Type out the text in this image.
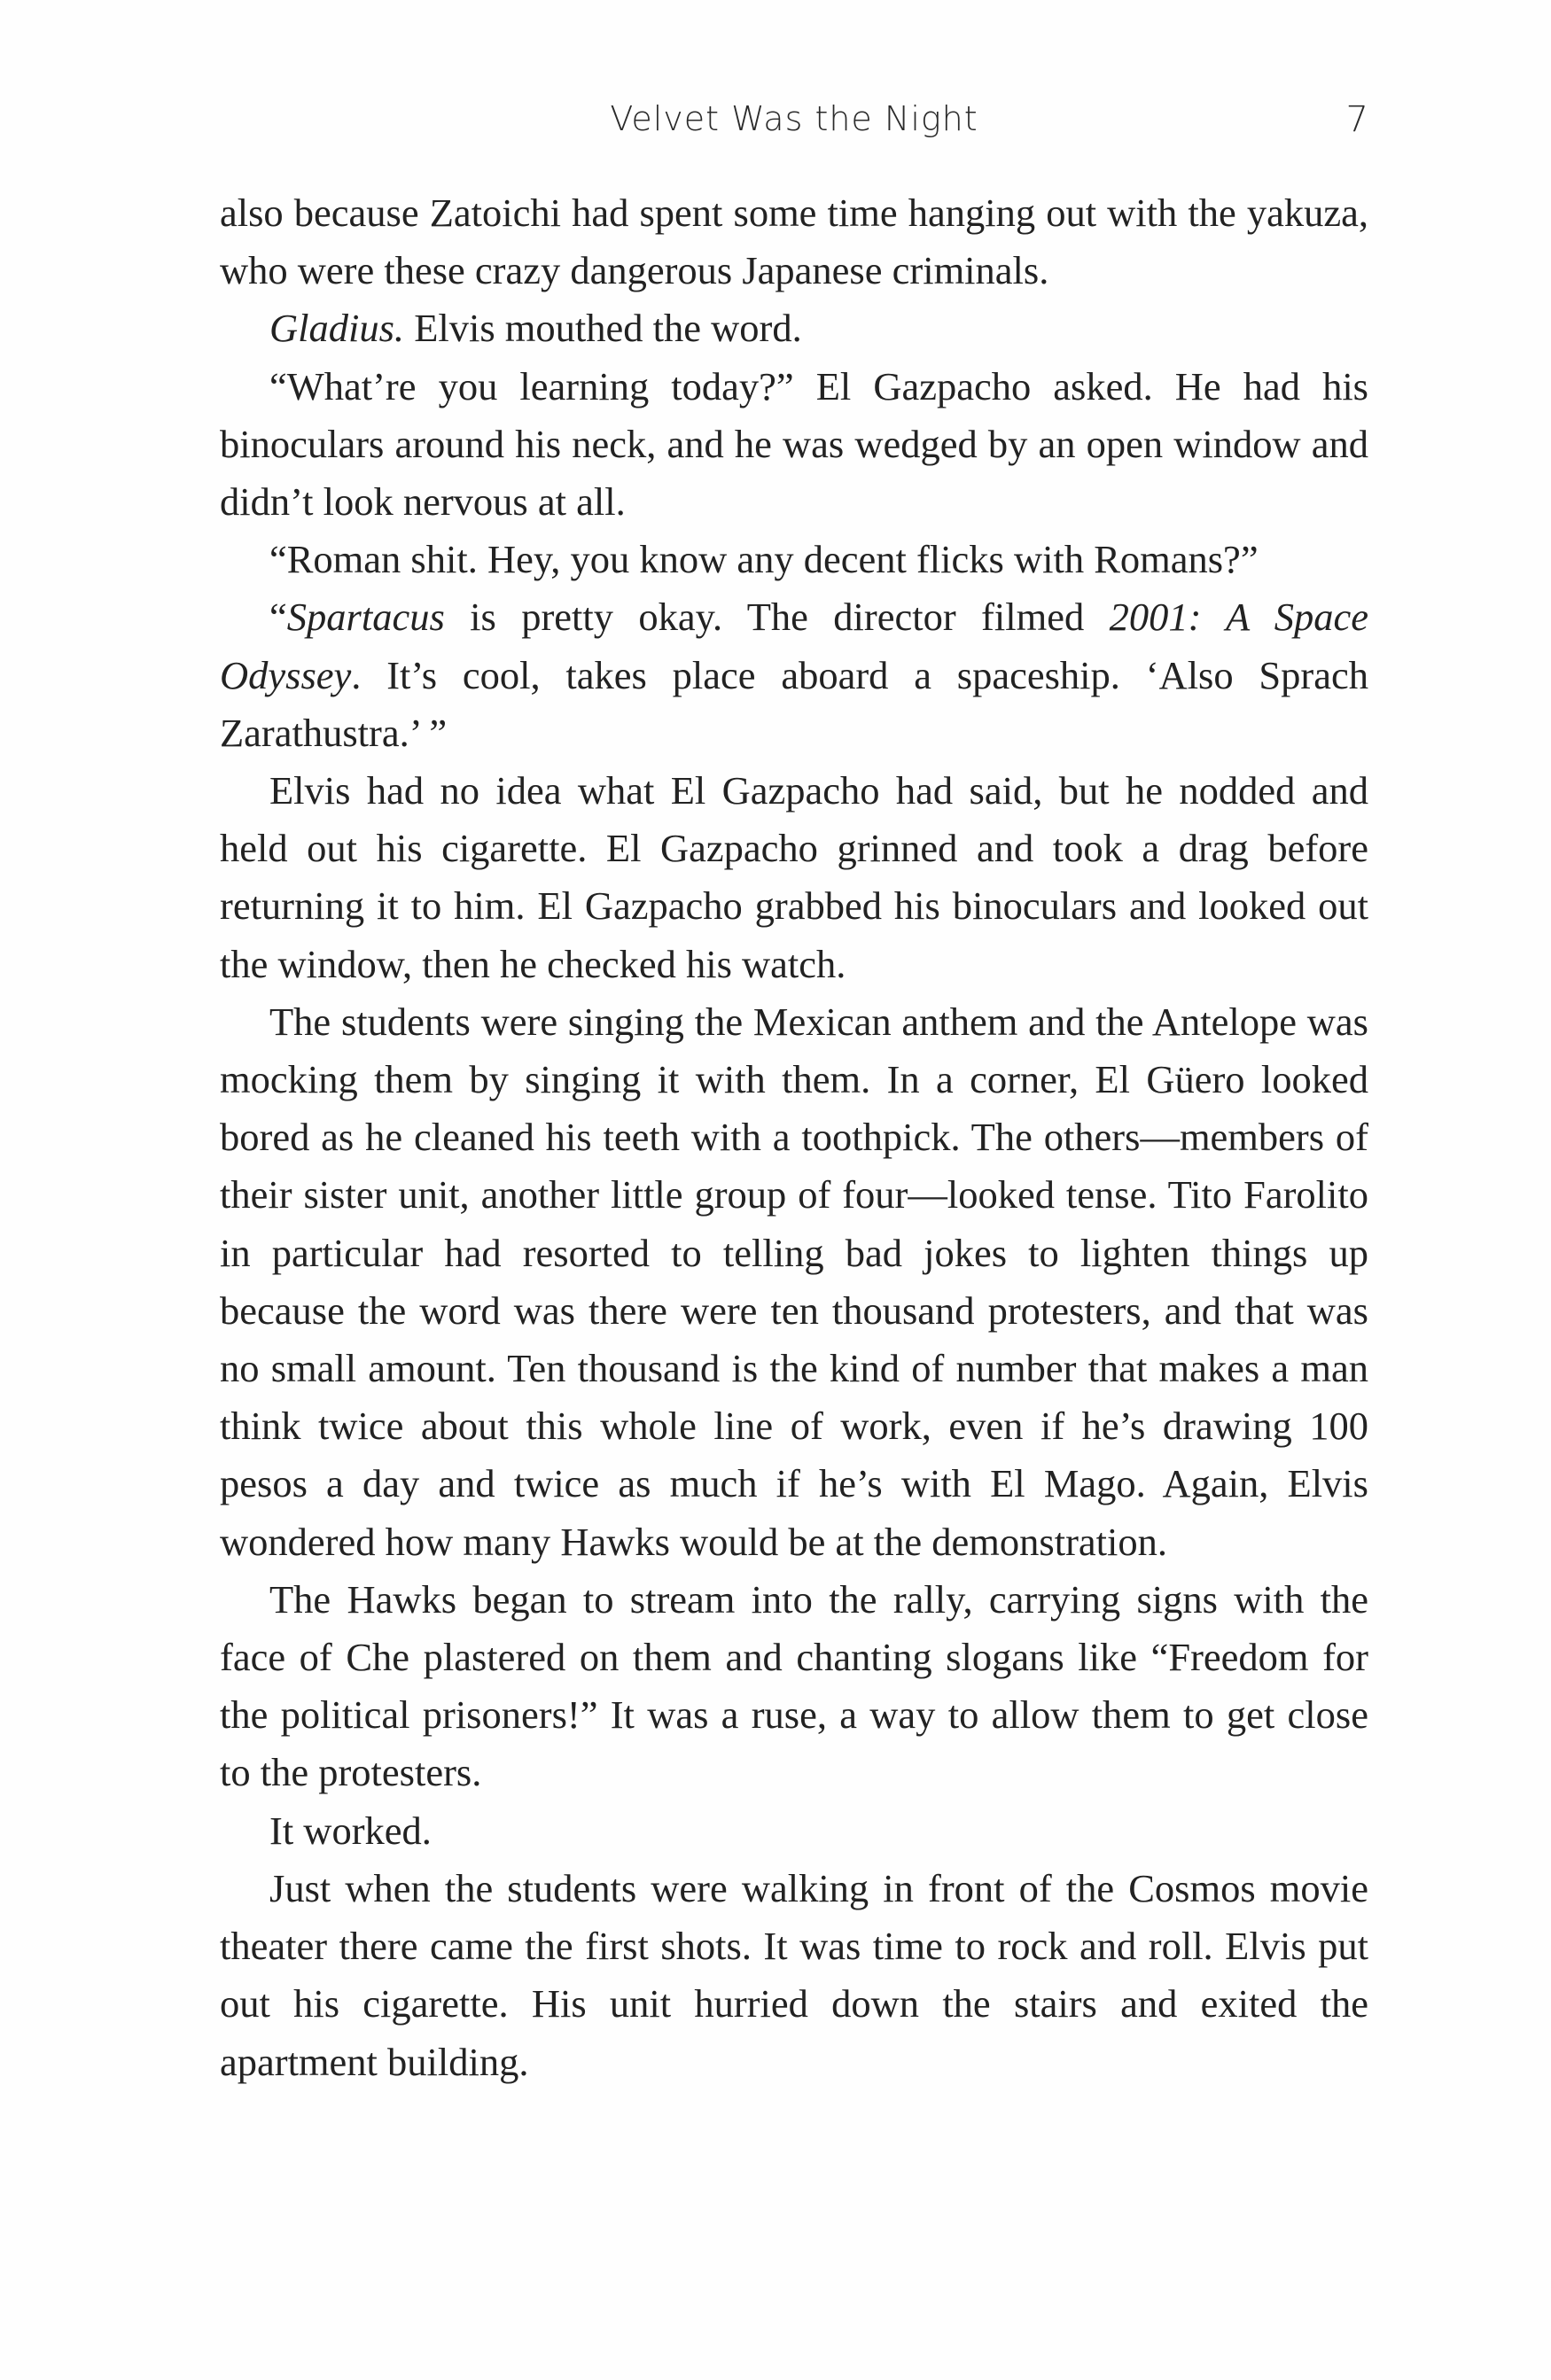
Velvet Was the Night	7

also because Zatoichi had spent some time hanging out with the yakuza, who were these crazy dangerous Japanese criminals.

Gladius. Elvis mouthed the word.

“What’re you learning today?” El Gazpacho asked. He had his binoculars around his neck, and he was wedged by an open window and didn’t look nervous at all.

“Roman shit. Hey, you know any decent flicks with Romans?”

“Spartacus is pretty okay. The director filmed 2001: A Space Odyssey. It’s cool, takes place aboard a spaceship. ‘Also Sprach Zarathustra.’ ”

Elvis had no idea what El Gazpacho had said, but he nodded and held out his cigarette. El Gazpacho grinned and took a drag before returning it to him. El Gazpacho grabbed his binoculars and looked out the window, then he checked his watch.

The students were singing the Mexican anthem and the Antelope was mocking them by singing it with them. In a corner, El Güero looked bored as he cleaned his teeth with a toothpick. The others—members of their sister unit, another little group of four—looked tense. Tito Farolito in particular had resorted to telling bad jokes to lighten things up because the word was there were ten thousand protesters, and that was no small amount. Ten thousand is the kind of number that makes a man think twice about this whole line of work, even if he’s drawing 100 pesos a day and twice as much if he’s with El Mago. Again, Elvis wondered how many Hawks would be at the demonstration.

The Hawks began to stream into the rally, carrying signs with the face of Che plastered on them and chanting slogans like “Freedom for the political prisoners!” It was a ruse, a way to allow them to get close to the protesters.

It worked.

Just when the students were walking in front of the Cosmos movie theater there came the first shots. It was time to rock and roll. Elvis put out his cigarette. His unit hurried down the stairs and exited the apartment building.
